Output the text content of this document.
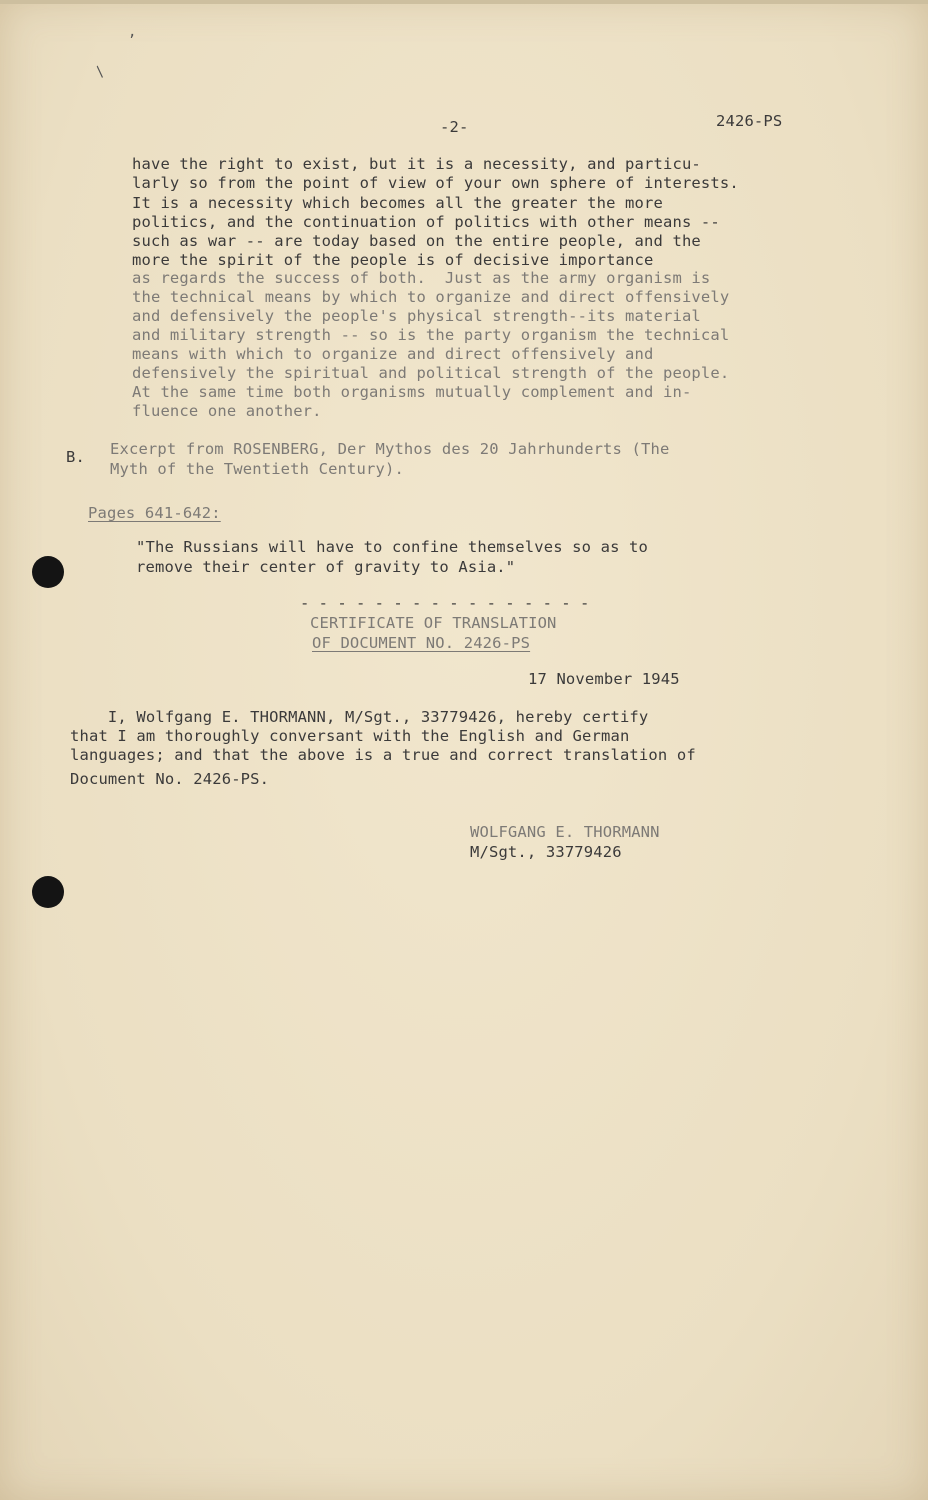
,
/
-2-	2426-PS
have the right to exist, but it is a necessity, and particu-
larly so from the point of view of your own sphere of interests.
It is a necessity which becomes all the greater the more
politics, and the continuation of politics with other means --
such as war -- are today based on the entire people, and the
more the spirit of the people is of decisive importance
as regards the success of both.  Just as the army organism is
the technical means by which to organize and direct offensively
and defensively the people's physical strength--its material
and military strength -- so is the party organism the technical
means with which to organize and direct offensively and
defensively the spiritual and political strength of the people.
At the same time both organisms mutually complement and in-
fluence one another.
B. Excerpt from ROSENBERG, Der Mythos des 20 Jahrhunderts (The
Myth of the Twentieth Century).
Pages 641-642:
"The Russians will have to confine themselves so as to
remove their center of gravity to Asia."
- - - - - - - - - - - - - - - -
CERTIFICATE OF TRANSLATION
OF DOCUMENT NO. 2426-PS
17 November 1945
I, Wolfgang E. THORMANN, M/Sgt., 33779426, hereby certify
that I am thoroughly conversant with the English and German
languages; and that the above is a true and correct translation of
Document No. 2426-PS.
WOLFGANG E. THORMANN
M/Sgt., 33779426
